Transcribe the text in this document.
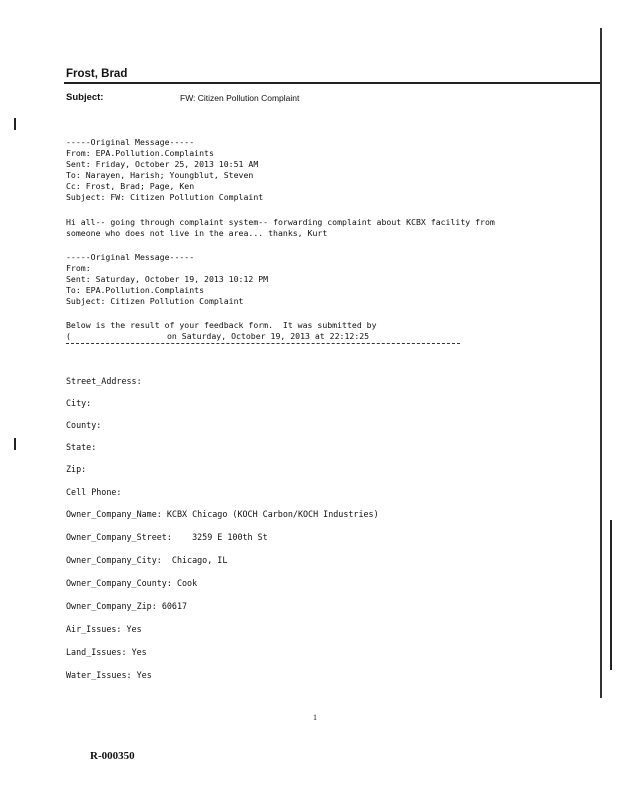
Frost, Brad
Subject:	FW: Citizen Pollution Complaint
-----Original Message-----
From: EPA.Pollution.Complaints
Sent: Friday, October 25, 2013 10:51 AM
To: Narayen, Harish; Youngblut, Steven
Cc: Frost, Brad; Page, Ken
Subject: FW: Citizen Pollution Complaint
Hi all-- going through complaint system-- forwarding complaint about KCBX facility from
someone who does not live in the area... thanks, Kurt
-----Original Message-----
From:
Sent: Saturday, October 19, 2013 10:12 PM
To: EPA.Pollution.Complaints
Subject: Citizen Pollution Complaint
Below is the result of your feedback form.  It was submitted by
(	on Saturday, October 19, 2013 at 22:12:25
Street_Address:
City:
County:
State:
Zip:
Cell Phone:
Owner_Company_Name: KCBX Chicago (KOCH Carbon/KOCH Industries)
Owner_Company_Street: 3259 E 100th St
Owner_Company_City: Chicago, IL
Owner_Company_County: Cook
Owner_Company_Zip: 60617
Air_Issues: Yes
Land_Issues: Yes
Water_Issues: Yes
1
R-000350
